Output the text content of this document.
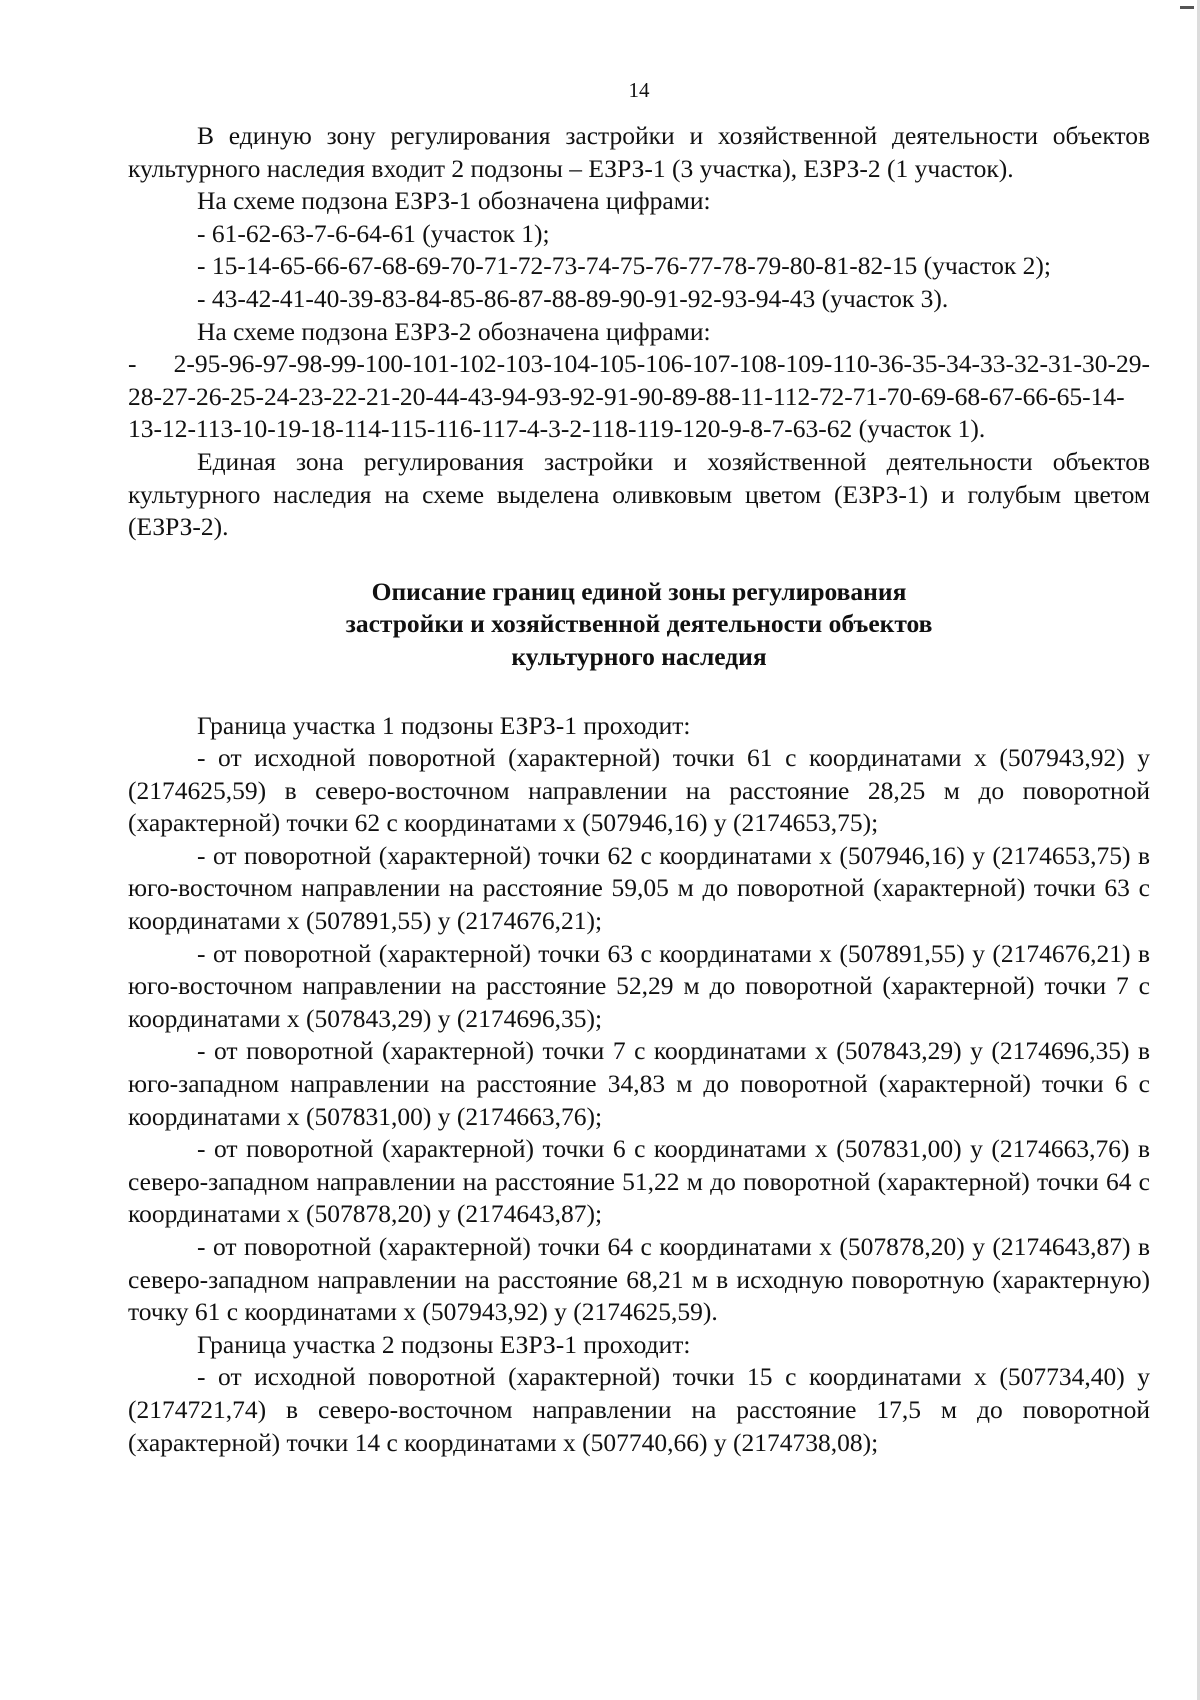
14

В единую зону регулирования застройки и хозяйственной деятельности объектов культурного наследия входит 2 подзоны – ЕЗРЗ-1 (3 участка), ЕЗРЗ-2 (1 участок).

На схеме подзона ЕЗРЗ-1 обозначена цифрами:

- 61-62-63-7-6-64-61 (участок 1);

- 15-14-65-66-67-68-69-70-71-72-73-74-75-76-77-78-79-80-81-82-15 (участок 2);

- 43-42-41-40-39-83-84-85-86-87-88-89-90-91-92-93-94-43 (участок 3).

На схеме подзона ЕЗРЗ-2 обозначена цифрами:

- 2-95-96-97-98-99-100-101-102-103-104-105-106-107-108-109-110-36-35-34-33-32-31-30-29-28-27-26-25-24-23-22-21-20-44-43-94-93-92-91-90-89-88-11-112-72-71-70-69-68-67-66-65-14-13-12-113-10-19-18-114-115-116-117-4-3-2-118-119-120-9-8-7-63-62 (участок 1).

Единая зона регулирования застройки и хозяйственной деятельности объектов культурного наследия на схеме выделена оливковым цветом (ЕЗРЗ-1) и голубым цветом (ЕЗРЗ-2).

Описание границ единой зоны регулирования
застройки и хозяйственной деятельности объектов
культурного наследия

Граница участка 1 подзоны ЕЗРЗ-1 проходит:

- от исходной поворотной (характерной) точки 61 с координатами х (507943,92) у (2174625,59) в северо-восточном направлении на расстояние 28,25 м до поворотной (характерной) точки 62 с координатами х (507946,16) у (2174653,75);

- от поворотной (характерной) точки 62 с координатами х (507946,16) у (2174653,75) в юго-восточном направлении на расстояние 59,05 м до поворотной (характерной) точки 63 с координатами х (507891,55) у (2174676,21);

- от поворотной (характерной) точки 63 с координатами х (507891,55) у (2174676,21) в юго-восточном направлении на расстояние 52,29 м до поворотной (характерной) точки 7 с координатами х (507843,29) у (2174696,35);

- от поворотной (характерной) точки 7 с координатами х (507843,29) у (2174696,35) в юго-западном направлении на расстояние 34,83 м до поворотной (характерной) точки 6 с координатами х (507831,00) у (2174663,76);

- от поворотной (характерной) точки 6 с координатами х (507831,00) у (2174663,76) в северо-западном направлении на расстояние 51,22 м до поворотной (характерной) точки 64 с координатами х (507878,20) у (2174643,87);

- от поворотной (характерной) точки 64 с координатами х (507878,20) у (2174643,87) в северо-западном направлении на расстояние 68,21 м в исходную поворотную (характерную) точку 61 с координатами х (507943,92) у (2174625,59).

Граница участка 2 подзоны ЕЗРЗ-1 проходит:

- от исходной поворотной (характерной) точки 15 с координатами х (507734,40) у (2174721,74) в северо-восточном направлении на расстояние 17,5 м до поворотной (характерной) точки 14 с координатами х (507740,66) у (2174738,08);
